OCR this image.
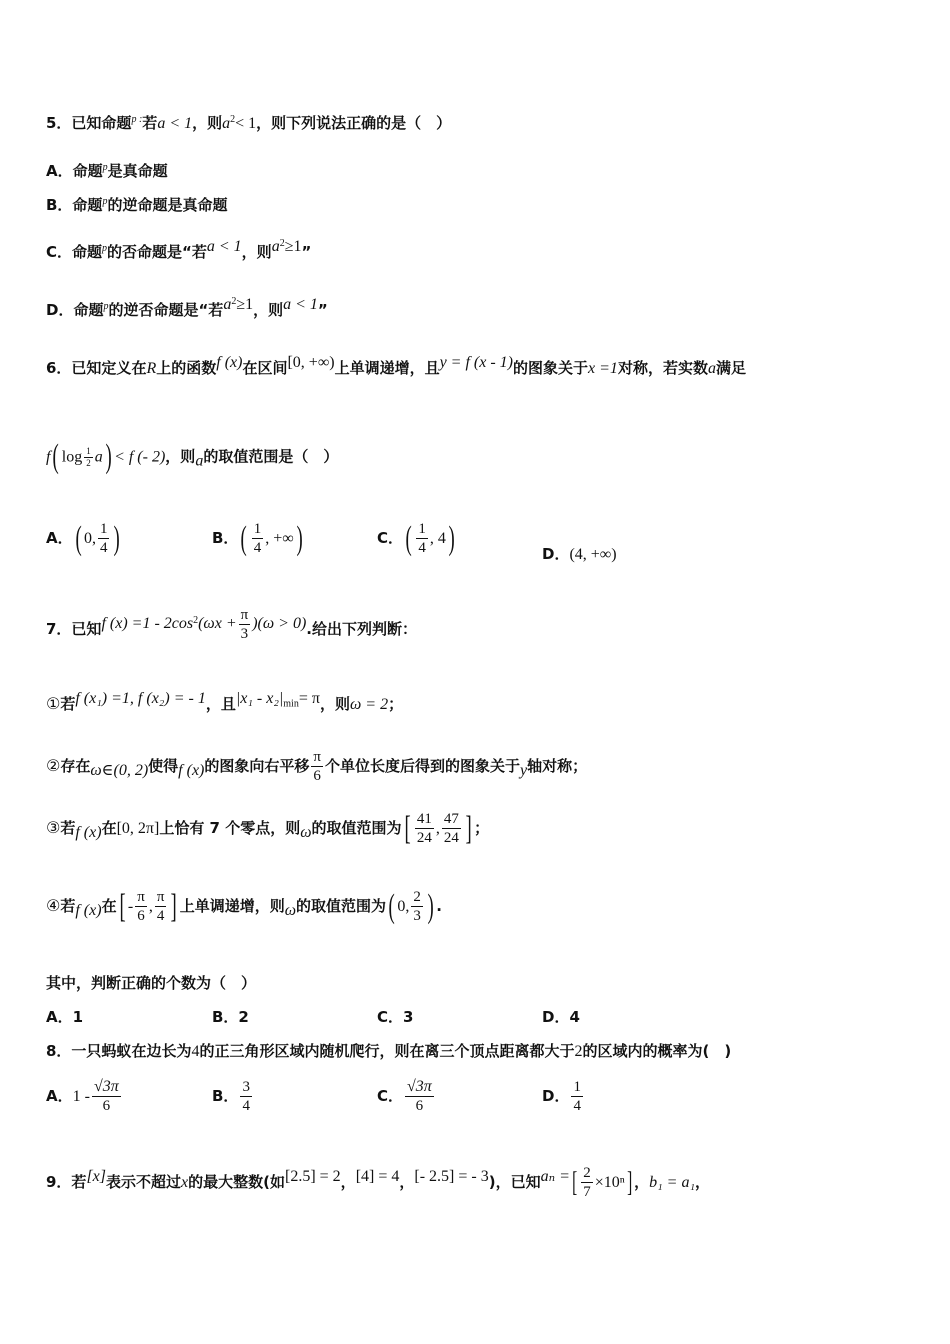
5．已知命题$^{p :}$若a < 1，则$a^2< 1$，则下列说法正确的是（　）
A．命题$^p$是真命题
B．命题$^p$的逆命题是真命题
C．命题$^p$的否命题是“若$^{a < 1}$，则$^{a^2\ge 1}$”
D．命题$^p$的逆否命题是“若$^{a^2\ge 1}$，则$^{a < 1}$”
6．已知定义在R上的函数$^{f (x)}$在区间$^{[0, +\infty)}$上单调递增，且$^{y = f (x - 1)}$的图象关于x =1对称，若实数a满足
f( $\log \frac{1}{2} a) < f$ (- 2)，则$_a$的取值范围是（　）
A．( 0, $\frac{1}{4}$ )	B．( $\frac{1}{4}$ , +∞)	C．( $\frac{1}{4}$ , 4)	D．(4, +∞)
7．已知$^{f (x) =1 - 2cos^2(\omega x + \frac{\pi}{3} )(\omega > 0)}$.给出下列判断：
①若$^{f (x_1) =1, f (x_2) = - 1}$，且$^{|x_1 - x_2|_{min}= \pi}$，则ω = 2；
②存在$_{\omega\in(0, 2)}$使得$_{f (x)}$的图象向右平移 $\frac{\pi}{6}$ 个单位长度后得到的图象关于$_y$轴对称；
③若$_{f (x)}$在[0, 2π]上恰有 7 个零点，则$_\omega$的取值范围为[ $\frac{41}{24}$ , $\frac{47}{24}$ ] ；
④若$_{f (x)}$在[ - $\frac{\pi}{6}$ , $\frac{\pi}{4}$ ] 上单调递增，则$_\omega$的取值范围为( 0, $\frac{2}{3}$ ) .
其中，判断正确的个数为（　）
A．1	B．2	C．3	D．4
8．一只蚂蚁在边长为4的正三角形区域内随机爬行，则在离三个顶点距离都大于2的区域内的概率为(　)
A．$1 - \frac{√3\pi}{6}$	B． $\frac{3}{4}$	C． $\frac{√3\pi}{6}$	D． $\frac{1}{4}$
9．若[x]表示不超过x的最大整数(如$^{[2.5] = 2}$，$^{[4] = 4}$，$^{[- 2.5] = - 3}$)，已知$^{a_n =}[ \frac{2}{7} \times 10^n]$ ，b₁ = a₁，
